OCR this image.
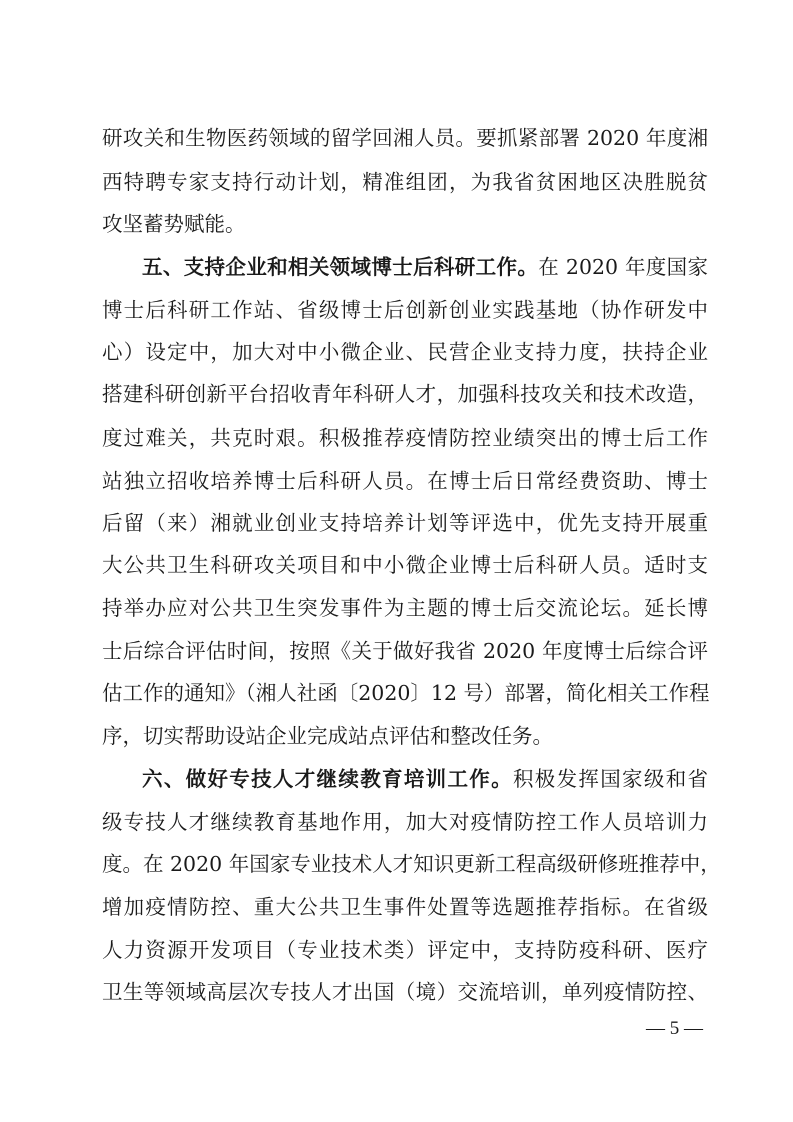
研攻关和生物医药领域的留学回湘人员。要抓紧部署 2020 年度湘
西特聘专家支持行动计划，精准组团，为我省贫困地区决胜脱贫
攻坚蓄势赋能。
五、支持企业和相关领域博士后科研工作。在 2020 年度国家
博士后科研工作站、省级博士后创新创业实践基地（协作研发中
心）设定中，加大对中小微企业、民营企业支持力度，扶持企业
搭建科研创新平台招收青年科研人才，加强科技攻关和技术改造，
度过难关，共克时艰。积极推荐疫情防控业绩突出的博士后工作
站独立招收培养博士后科研人员。在博士后日常经费资助、博士
后留（来）湘就业创业支持培养计划等评选中，优先支持开展重
大公共卫生科研攻关项目和中小微企业博士后科研人员。适时支
持举办应对公共卫生突发事件为主题的博士后交流论坛。延长博
士后综合评估时间，按照《关于做好我省 2020 年度博士后综合评
估工作的通知》（湘人社函〔2020〕12 号）部署，简化相关工作程
序，切实帮助设站企业完成站点评估和整改任务。
六、做好专技人才继续教育培训工作。积极发挥国家级和省
级专技人才继续教育基地作用，加大对疫情防控工作人员培训力
度。在 2020 年国家专业技术人才知识更新工程高级研修班推荐中，
增加疫情防控、重大公共卫生事件处置等选题推荐指标。在省级
人力资源开发项目（专业技术类）评定中，支持防疫科研、医疗
卫生等领域高层次专技人才出国（境）交流培训，单列疫情防控、
— 5 —
